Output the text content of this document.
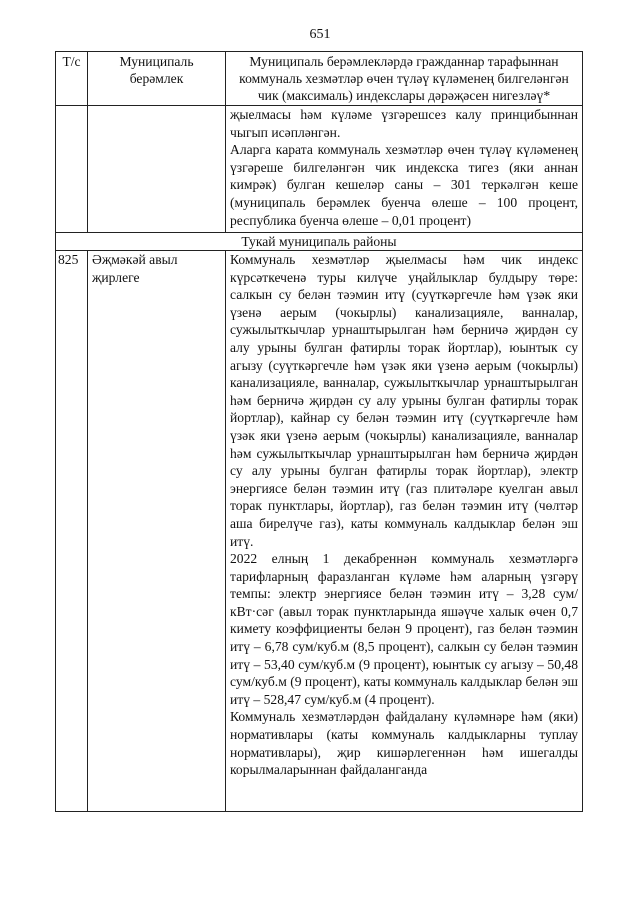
651
Т/с	Муниципаль берәмлек	Муниципаль берәмлекләрдә гражданнар тарафыннан коммуналь хезмәтләр өчен түләү күләменең билгеләнгән чик (максималь) индекслары дәрәҗәсен нигезләү*

		җыелмасы һәм күләме үзгәрешсез калу принцибыннан чыгып исәпләнгән.

Аларга карата коммуналь хезмәтләр өчен түләү күләменең үзгәреше билгеләнгән чик индекска тигез (яки аннан кимрәк) булган кешеләр саны – 301 теркәлгән кеше (муниципаль берәмлек буенча өлеше – 100 процент, республика буенча өлеше – 0,01 процент)

Тукай муниципаль районы		
825	Әҗмәкәй авыл җирлеге	Коммуналь хезмәтләр җыелмасы һәм чик индекс күрсәткеченә туры килүче уңайлыклар булдыру төре: салкын су белән тәэмин итү (суүткәргечле һәм үзәк яки үзенә аерым (чокырлы) канализацияле, ванналар, сужылыткычлар урнаштырылган һәм берничә җирдән су алу урыны булган фатирлы торак йортлар), юынтык су агызу (суүткәргечле һәм үзәк яки үзенә аерым (чокырлы) канализацияле, ванналар, сужылыткычлар урнаштырылган һәм берничә җирдән су алу урыны булган фатирлы торак йортлар), кайнар су белән тәэмин итү (суүткәргечле һәм үзәк яки үзенә аерым (чокырлы) канализацияле, ванналар һәм сужылыткычлар урнаштырылган һәм берничә җирдән су алу урыны булган фатирлы торак йортлар), электр энергиясе белән тәэмин итү (газ плитәләре куелган авыл торак пунктлары, йортлар), газ белән тәэмин итү (чөлтәр аша бирелүче газ), каты коммуналь калдыклар белән эш итү.

2022 елның 1 декабреннән коммуналь хезмәтләргә тарифларның фаразланган күләме һәм аларның үзгәрү темпы: электр энергиясе белән тәэмин итү – 3,28 сум/кВт·сәг (авыл торак пунктларында яшәүче халык өчен 0,7 кимету коэффициенты белән 9 процент), газ белән тәэмин итү – 6,78 сум/куб.м (8,5 процент), салкын су белән тәэмин итү – 53,40 сум/куб.м (9 процент), юынтык су агызу – 50,48 сум/куб.м (9 процент), каты коммуналь калдыклар белән эш итү – 528,47 сум/куб.м (4 процент).

Коммуналь хезмәтләрдән файдалану күләмнәре һәм (яки) нормативлары (каты коммуналь калдыкларны туплау нормативлары), җир кишәрлегеннән һәм ишегалды корылмаларыннан файдаланганда
